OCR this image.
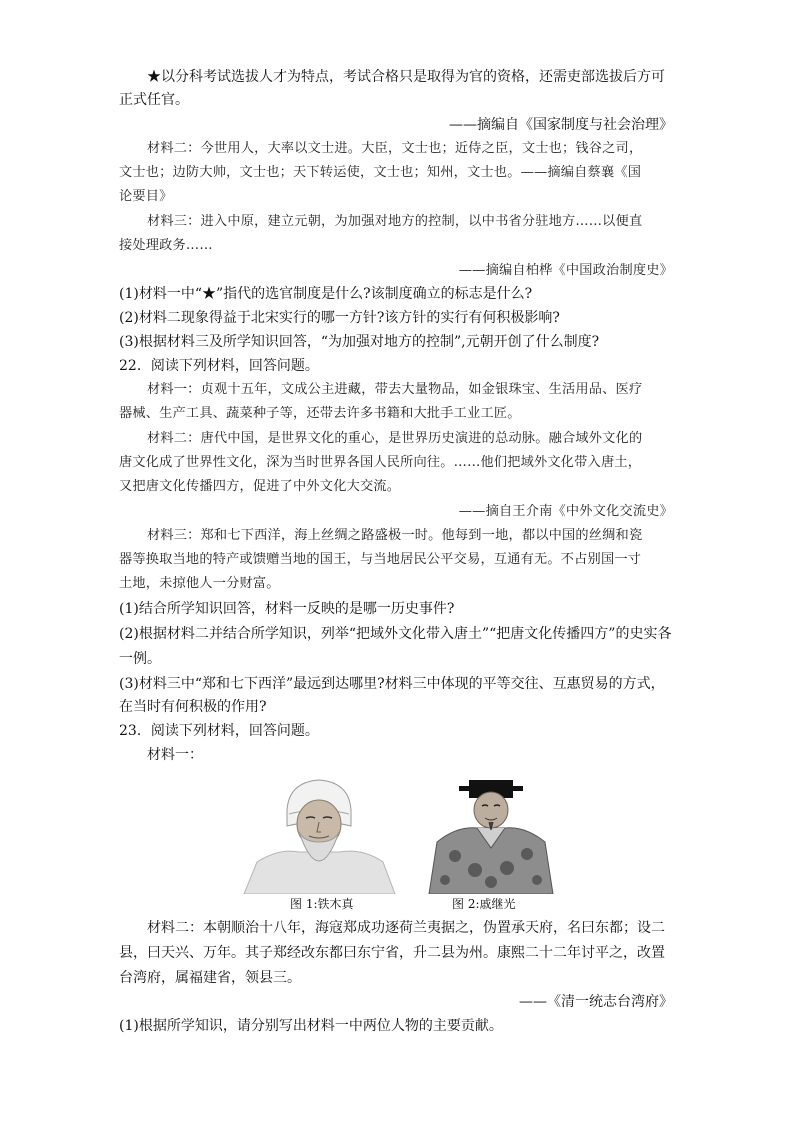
★以分科考试选拔人才为特点，考试合格只是取得为官的资格，还需吏部选拔后方可
正式任官。
——摘编自《国家制度与社会治理》
材料二：今世用人，大率以文士进。大臣，文士也；近侍之臣，文士也；钱谷之司，
文士也；边防大帅，文士也；天下转运使，文士也；知州，文士也。——摘编自蔡襄《国
论要目》
材料三：进入中原，建立元朝，为加强对地方的控制，以中书省分驻地方……以便直
接处理政务……
——摘编自柏桦《中国政治制度史》
(1)材料一中“★”指代的选官制度是什么?该制度确立的标志是什么?
(2)材料二现象得益于北宋实行的哪一方针?该方针的实行有何积极影响?
(3)根据材料三及所学知识回答，“为加强对地方的控制”,元朝开创了什么制度?
22．阅读下列材料，回答问题。
材料一：贞观十五年，文成公主进藏，带去大量物品，如金银珠宝、生活用品、医疗
器械、生产工具、蔬菜种子等，还带去许多书籍和大批手工业工匠。
材料二：唐代中国，是世界文化的重心，是世界历史演进的总动脉。融合域外文化的
唐文化成了世界性文化，深为当时世界各国人民所向往。……他们把域外文化带入唐土，
又把唐文化传播四方，促进了中外文化大交流。
——摘自王介南《中外文化交流史》
材料三：郑和七下西洋，海上丝绸之路盛极一时。他每到一地，都以中国的丝绸和瓷
器等换取当地的特产或馈赠当地的国王，与当地居民公平交易，互通有无。不占别国一寸
土地，未掠他人一分财富。
(1)结合所学知识回答，材料一反映的是哪一历史事件?
(2)根据材料二并结合所学知识，列举“把域外文化带入唐土”“把唐文化传播四方”的史实各
一例。
(3)材料三中“郑和七下西洋”最远到达哪里?材料三中体现的平等交往、互惠贸易的方式，
在当时有何积极的作用?
23．阅读下列材料，回答问题。
材料一：
图 1:铁木真	图 2:戚继光
材料二：本朝顺治十八年，海寇郑成功逐荷兰夷据之，伪置承天府，名曰东都；设二
县，曰天兴、万年。其子郑经改东都曰东宁省，升二县为州。康熙二十二年讨平之，改置
台湾府，属福建省，领县三。
——《清一统志台湾府》
(1)根据所学知识，请分别写出材料一中两位人物的主要贡献。
